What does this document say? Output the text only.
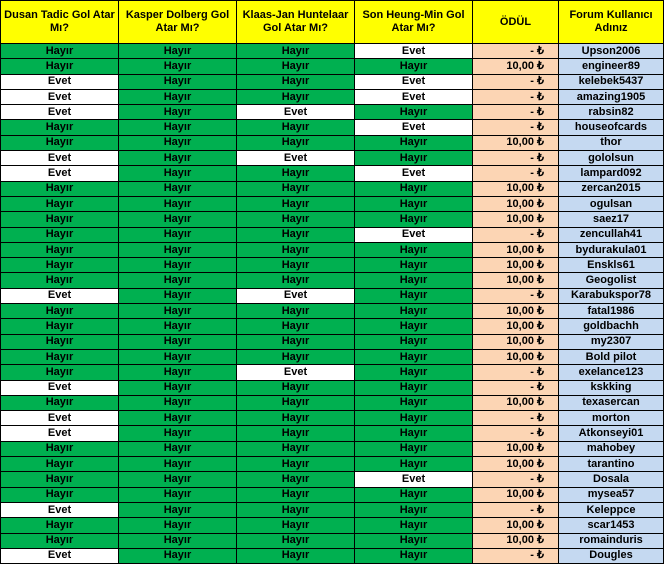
Dusan Tadic Gol Atar Mı?	Kasper Dolberg Gol Atar Mı?	Klaas-Jan Huntelaar Gol Atar Mı?	Son Heung-Min Gol Atar Mı?	ÖDÜL	Forum Kullanıcı Adınız
Hayır	Hayır	Hayır	Evet	- ₺	Upson2006
Hayır	Hayır	Hayır	Hayır	10,00 ₺	engineer89
Evet	Hayır	Hayır	Evet	- ₺	kelebek5437
Evet	Hayır	Hayır	Evet	- ₺	amazing1905
Evet	Hayır	Evet	Hayır	- ₺	rabsin82
Hayır	Hayır	Hayır	Evet	- ₺	houseofcards
Hayır	Hayır	Hayır	Hayır	10,00 ₺	thor
Evet	Hayır	Evet	Hayır	- ₺	gololsun
Evet	Hayır	Hayır	Evet	- ₺	lampard092
Hayır	Hayır	Hayır	Hayır	10,00 ₺	zercan2015
Hayır	Hayır	Hayır	Hayır	10,00 ₺	ogulsan
Hayır	Hayır	Hayır	Hayır	10,00 ₺	saez17
Hayır	Hayır	Hayır	Evet	- ₺	zencullah41
Hayır	Hayır	Hayır	Hayır	10,00 ₺	bydurakula01
Hayır	Hayır	Hayır	Hayır	10,00 ₺	Enskls61
Hayır	Hayır	Hayır	Hayır	10,00 ₺	Geogolist
Evet	Hayır	Evet	Hayır	- ₺	Karabukspor78
Hayır	Hayır	Hayır	Hayır	10,00 ₺	fatal1986
Hayır	Hayır	Hayır	Hayır	10,00 ₺	goldbachh
Hayır	Hayır	Hayır	Hayır	10,00 ₺	my2307
Hayır	Hayır	Hayır	Hayır	10,00 ₺	Bold pilot
Hayır	Hayır	Evet	Hayır	- ₺	exelance123
Evet	Hayır	Hayır	Hayır	- ₺	kskking
Hayır	Hayır	Hayır	Hayır	10,00 ₺	texasercan
Evet	Hayır	Hayır	Hayır	- ₺	morton
Evet	Hayır	Hayır	Hayır	- ₺	Atkonseyi01
Hayır	Hayır	Hayır	Hayır	10,00 ₺	mahobey
Hayır	Hayır	Hayır	Hayır	10,00 ₺	tarantino
Hayır	Hayır	Hayır	Evet	- ₺	Dosala
Hayır	Hayır	Hayır	Hayır	10,00 ₺	mysea57
Evet	Hayır	Hayır	Hayır	- ₺	Keleppce
Hayır	Hayır	Hayır	Hayır	10,00 ₺	scar1453
Hayır	Hayır	Hayır	Hayır	10,00 ₺	romainduris
Evet	Hayır	Hayır	Hayır	- ₺	Dougles
